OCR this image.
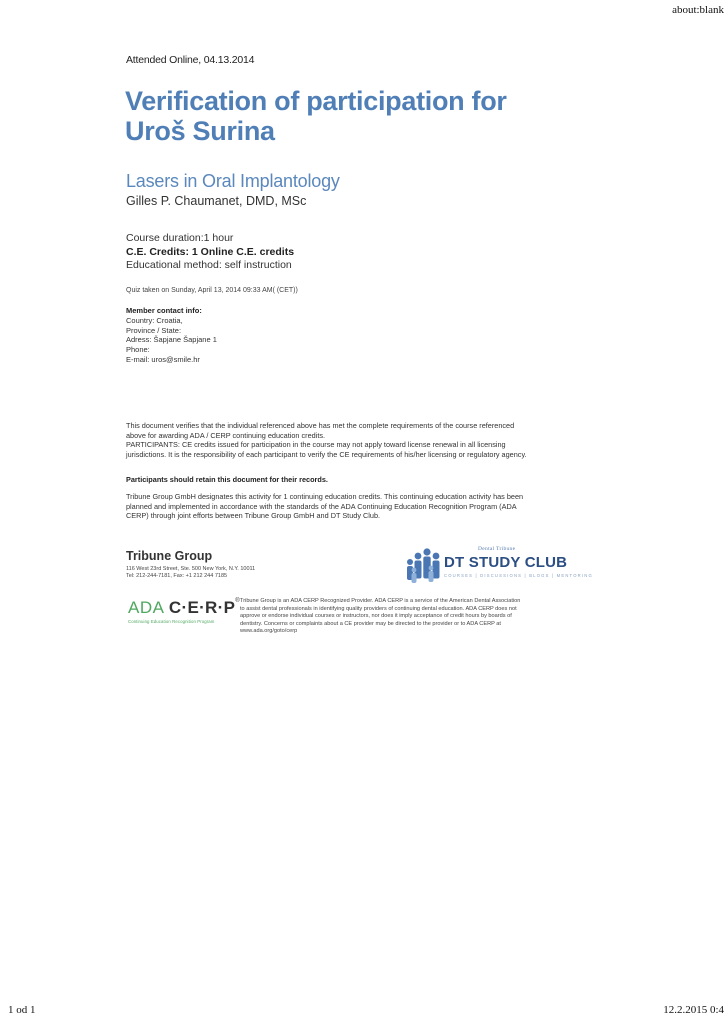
about:blank
1 od 1	12.2.2015 0:4
Attended Online, 04.13.2014
Verification of participation for
Uroš Surina
Lasers in Oral Implantology
Gilles P. Chaumanet, DMD, MSc
Course duration:1 hour
C.E. Credits: 1 Online C.E. credits
Educational method: self instruction
Quiz taken on Sunday, April 13, 2014 09:33 AM( (CET))
Member contact info:
Country: Croatia,
Province / State:
Adress: Šapjane Šapjane 1
Phone:
E-mail: uros@smile.hr
This document verifies that the individual referenced above has met the complete requirements of the course referenced
above for awarding ADA / CERP continuing education credits.
PARTICIPANTS: CE credits issued for participation in the course may not apply toward license renewal in all licensing
jurisdictions. It is the responsibility of each participant to verify the CE requirements of his/her licensing or regulatory agency.
Participants should retain this document for their records.
Tribune Group GmbH designates this activity for 1 continuing education credits. This continuing education activity has been
planned and implemented in accordance with the standards of the ADA Continuing Education Recognition Program (ADA
CERP) through joint efforts between Tribune Group GmbH and DT Study Club.
Tribune Group
116 West 23rd Street, Ste. 500 New York, N.Y. 10011
Tel: 212-244-7181, Fax: +1 212 244 7185
Dental Tribune
DT STUDY CLUB
COURSES | DISCUSSIONS | BLOGS | MENTORING
ADA C·E·R·P®
Continuing Education Recognition Program
Tribune Group is an ADA CERP Recognized Provider. ADA CERP is a service of the American Dental Association
to assist dental professionals in identifying quality providers of continuing dental education. ADA CERP does not
approve or endorse individual courses or instructors, nor does it imply acceptance of credit hours by boards of
dentistry. Concerns or complaints about a CE provider may be directed to the provider or to ADA CERP at
www.ada.org/goto/cerp
